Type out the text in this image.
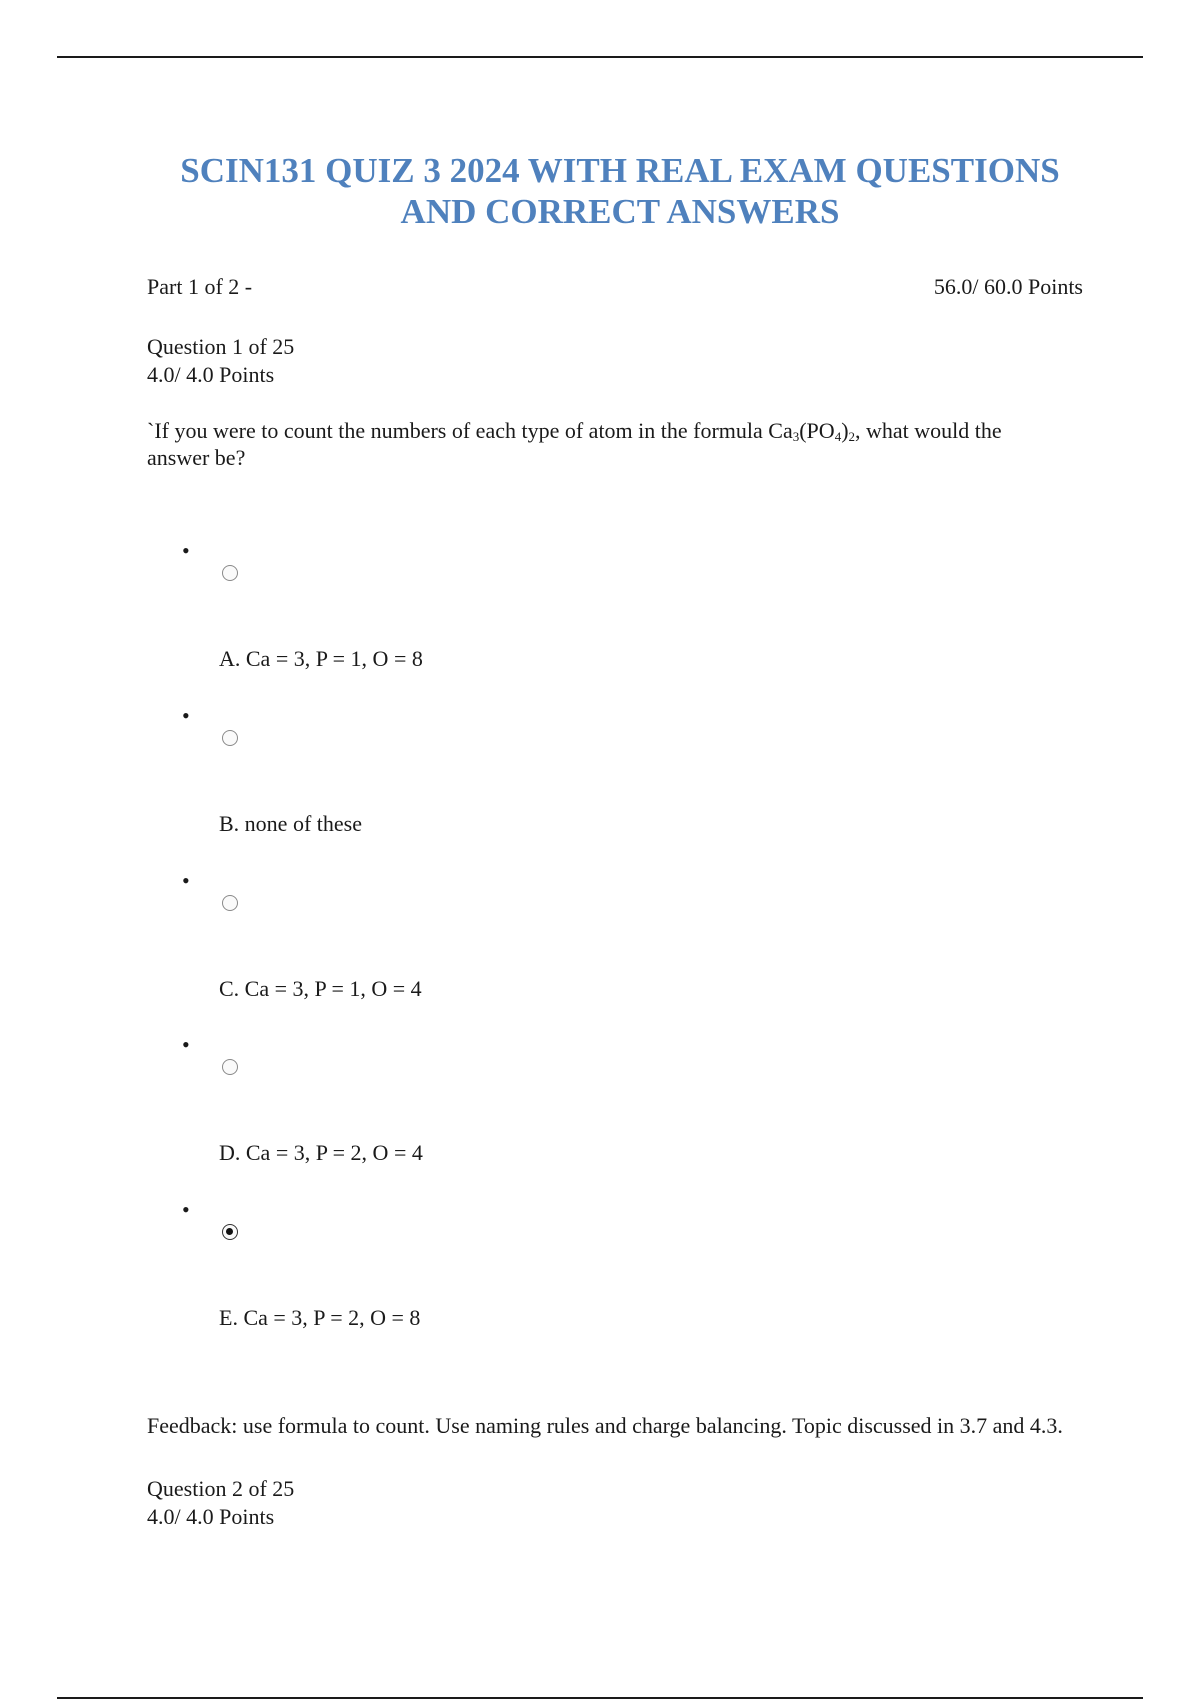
SCIN131 QUIZ 3 2024 WITH REAL EXAM QUESTIONS
AND CORRECT ANSWERS
Part 1 of 2 -	56.0/ 60.0 Points
Question 1 of 25
4.0/ 4.0 Points
`If you were to count the numbers of each type of atom in the formula $Ca_3(PO_4)_2$, what would the answer be?
•
A. Ca = 3, P = 1, O = 8
•
B. none of these
•
C. Ca = 3, P = 1, O = 4
•
D. Ca = 3, P = 2, O = 4
•
E. Ca = 3, P = 2, O = 8
Feedback: use formula to count. Use naming rules and charge balancing. Topic discussed in 3.7 and 4.3.
Question 2 of 25
4.0/ 4.0 Points
